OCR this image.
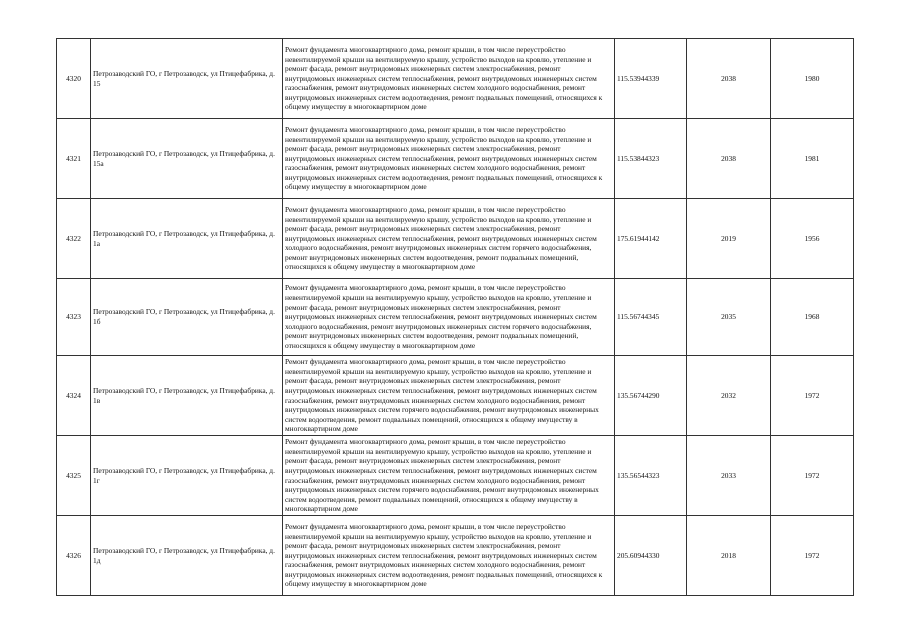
4320	Петрозаводский ГО, г Петрозаводск, ул Птицефабрика, д. 15	Ремонт фундамента многоквартирного дома, ремонт крыши, в том числе переустройство невентилируемой крыши на вентилируемую крышу, устройство выходов на кровлю, утепление и ремонт фасада, ремонт внутридомовых инженерных систем электроснабжения, ремонт внутридомовых инженерных систем теплоснабжения, ремонт внутридомовых инженерных систем газоснабжения, ремонт внутридомовых инженерных систем холодного водоснабжения, ремонт внутридомовых инженерных систем водоотведения, ремонт подвальных помещений, относящихся к общему имуществу в многоквартирном доме	115.53944339	2038	1980
4321	Петрозаводский ГО, г Петрозаводск, ул Птицефабрика, д. 15а	Ремонт фундамента многоквартирного дома, ремонт крыши, в том числе переустройство невентилируемой крыши на вентилируемую крышу, устройство выходов на кровлю, утепление и ремонт фасада, ремонт внутридомовых инженерных систем электроснабжения, ремонт внутридомовых инженерных систем теплоснабжения, ремонт внутридомовых инженерных систем газоснабжения, ремонт внутридомовых инженерных систем холодного водоснабжения, ремонт внутридомовых инженерных систем водоотведения, ремонт подвальных помещений, относящихся к общему имуществу в многоквартирном доме	115.53844323	2038	1981
4322	Петрозаводский ГО, г Петрозаводск, ул Птицефабрика, д. 1а	Ремонт фундамента многоквартирного дома, ремонт крыши, в том числе переустройство невентилируемой крыши на вентилируемую крышу, устройство выходов на кровлю, утепление и ремонт фасада, ремонт внутридомовых инженерных систем электроснабжения, ремонт внутридомовых инженерных систем теплоснабжения, ремонт внутридомовых инженерных систем холодного водоснабжения, ремонт внутридомовых инженерных систем горячего водоснабжения, ремонт внутридомовых инженерных систем водоотведения, ремонт подвальных помещений, относящихся к общему имуществу в многоквартирном доме	175.61944142	2019	1956
4323	Петрозаводский ГО, г Петрозаводск, ул Птицефабрика, д. 1б	Ремонт фундамента многоквартирного дома, ремонт крыши, в том числе переустройство невентилируемой крыши на вентилируемую крышу, устройство выходов на кровлю, утепление и ремонт фасада, ремонт внутридомовых инженерных систем электроснабжения, ремонт внутридомовых инженерных систем теплоснабжения, ремонт внутридомовых инженерных систем холодного водоснабжения, ремонт внутридомовых инженерных систем горячего водоснабжения, ремонт внутридомовых инженерных систем водоотведения, ремонт подвальных помещений, относящихся к общему имуществу в многоквартирном доме	115.56744345	2035	1968
4324	Петрозаводский ГО, г Петрозаводск, ул Птицефабрика, д. 1в	Ремонт фундамента многоквартирного дома, ремонт крыши, в том числе переустройство невентилируемой крыши на вентилируемую крышу, устройство выходов на кровлю, утепление и ремонт фасада, ремонт внутридомовых инженерных систем электроснабжения, ремонт внутридомовых инженерных систем теплоснабжения, ремонт внутридомовых инженерных систем газоснабжения, ремонт внутридомовых инженерных систем холодного водоснабжения, ремонт внутридомовых инженерных систем горячего водоснабжения, ремонт внутридомовых инженерных систем водоотведения, ремонт подвальных помещений, относящихся к общему имуществу в многоквартирном доме	135.56744290	2032	1972
4325	Петрозаводский ГО, г Петрозаводск, ул Птицефабрика, д. 1г	Ремонт фундамента многоквартирного дома, ремонт крыши, в том числе переустройство невентилируемой крыши на вентилируемую крышу, устройство выходов на кровлю, утепление и ремонт фасада, ремонт внутридомовых инженерных систем электроснабжения, ремонт внутридомовых инженерных систем теплоснабжения, ремонт внутридомовых инженерных систем газоснабжения, ремонт внутридомовых инженерных систем холодного водоснабжения, ремонт внутридомовых инженерных систем горячего водоснабжения, ремонт внутридомовых инженерных систем водоотведения, ремонт подвальных помещений, относящихся к общему имуществу в многоквартирном доме	135.56544323	2033	1972
4326	Петрозаводский ГО, г Петрозаводск, ул Птицефабрика, д. 1д	Ремонт фундамента многоквартирного дома, ремонт крыши, в том числе переустройство невентилируемой крыши на вентилируемую крышу, устройство выходов на кровлю, утепление и ремонт фасада, ремонт внутридомовых инженерных систем электроснабжения, ремонт внутридомовых инженерных систем теплоснабжения, ремонт внутридомовых инженерных систем газоснабжения, ремонт внутридомовых инженерных систем холодного водоснабжения, ремонт внутридомовых инженерных систем водоотведения, ремонт подвальных помещений, относящихся к общему имуществу в многоквартирном доме	205.60944330	2018	1972
